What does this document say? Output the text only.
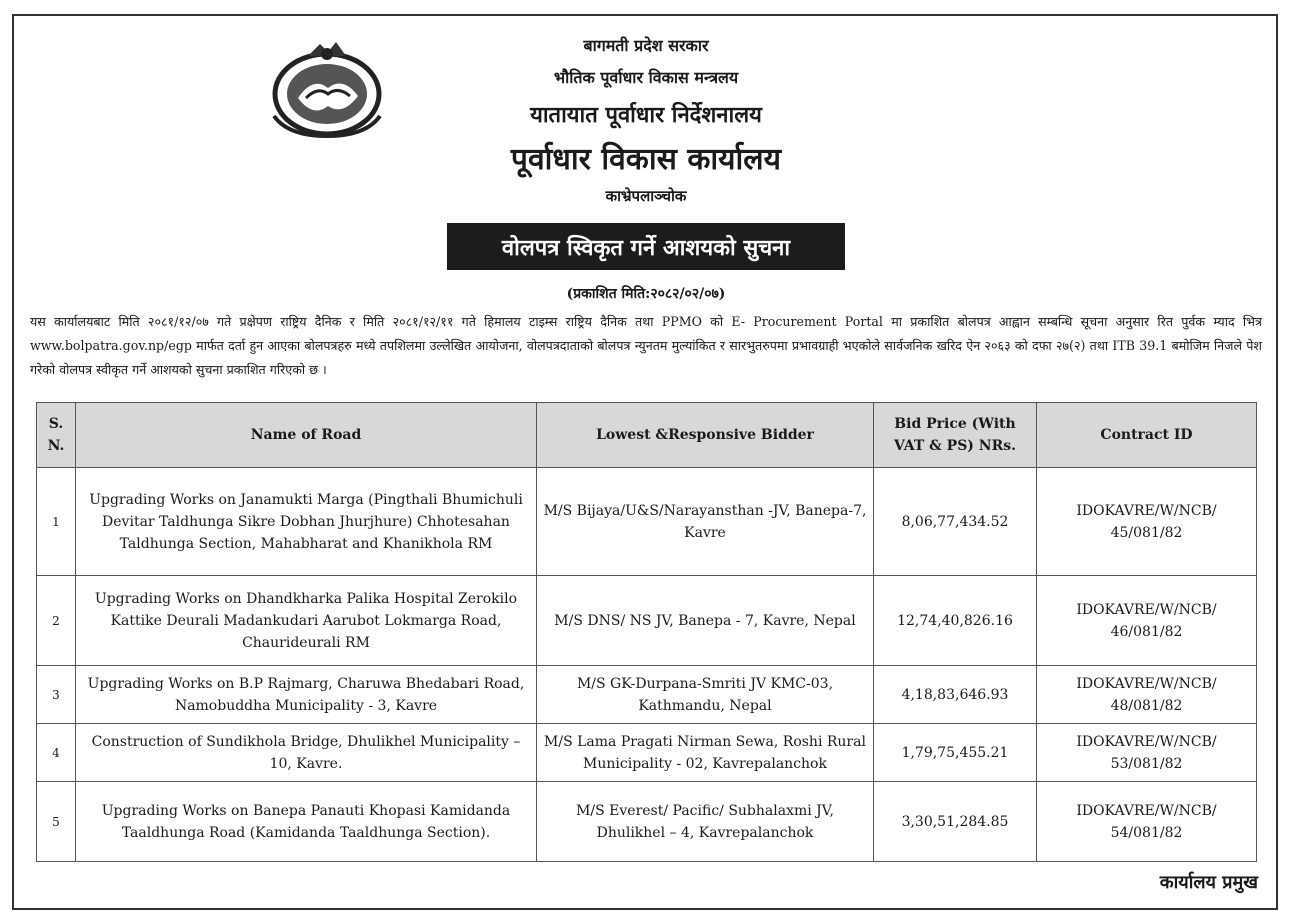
बागमती प्रदेश सरकार
भौतिक पूर्वाधार विकास मन्त्रलय
यातायात पूर्वाधार निर्देशनालय
पूर्वाधार विकास कार्यालय
काभ्रेपलाञ्चोक
वोलपत्र स्विकृत गर्ने आशयको सुचना
(प्रकाशित मिति:२०८२/०२/०७)
यस कार्यालयबाट मिति २०८१/१२/०७ गते प्रक्षेपण राष्ट्रिय दैनिक र मिति २०८१/१२/११ गते हिमालय टाइम्स राष्ट्रिय दैनिक तथा PPMO को E- Procurement Portal मा प्रकाशित बोलपत्र आह्वान सम्बन्धि सूचना अनुसार रित पुर्वक म्याद भित्र www.bolpatra.gov.np/egp मार्फत दर्ता हुन आएका बोलपत्रहरु मध्ये तपशिलमा उल्लेखित आयोजना, वोलपत्रदाताको बोलपत्र न्युनतम मुल्यांकित र सारभुतरुपमा प्रभावग्राही भएकोले सार्वजनिक खरिद ऐन २०६३ को दफा २७(२) तथा ITB 39.1 बमोजिम निजले पेश गरेको वोलपत्र स्वीकृत गर्ने आशयको सुचना प्रकाशित गरिएको छ ।
S. N.	Name of Road	Lowest &Responsive Bidder	Bid Price (With VAT & PS) NRs.	Contract ID
1	Upgrading Works on Janamukti Marga (Pingthali Bhumichuli Devitar Taldhunga Sikre Dobhan Jhurjhure) Chhotesahan Taldhunga Section, Mahabharat and Khanikhola RM	M/S Bijaya/U&S/Narayansthan -JV, Banepa-7, Kavre	8,06,77,434.52	IDOKAVRE/W/NCB/ 45/081/82
2	Upgrading Works on Dhandkharka Palika Hospital Zerokilo Kattike Deurali Madankudari Aarubot Lokmarga Road, Chaurideurali RM	M/S DNS/ NS JV, Banepa - 7, Kavre, Nepal	12,74,40,826.16	IDOKAVRE/W/NCB/ 46/081/82
3	Upgrading Works on B.P Rajmarg, Charuwa Bhedabari Road, Namobuddha Municipality - 3, Kavre	M/S GK-Durpana-Smriti JV KMC-03, Kathmandu, Nepal	4,18,83,646.93	IDOKAVRE/W/NCB/ 48/081/82
4	Construction of Sundikhola Bridge, Dhulikhel Municipality – 10, Kavre.	M/S Lama Pragati Nirman Sewa, Roshi Rural Municipality - 02, Kavrepalanchok	1,79,75,455.21	IDOKAVRE/W/NCB/ 53/081/82
5	Upgrading Works on Banepa Panauti Khopasi Kamidanda Taaldhunga Road (Kamidanda Taaldhunga Section).	M/S Everest/ Pacific/ Subhalaxmi JV, Dhulikhel – 4, Kavrepalanchok	3,30,51,284.85	IDOKAVRE/W/NCB/ 54/081/82
कार्यालय प्रमुख
